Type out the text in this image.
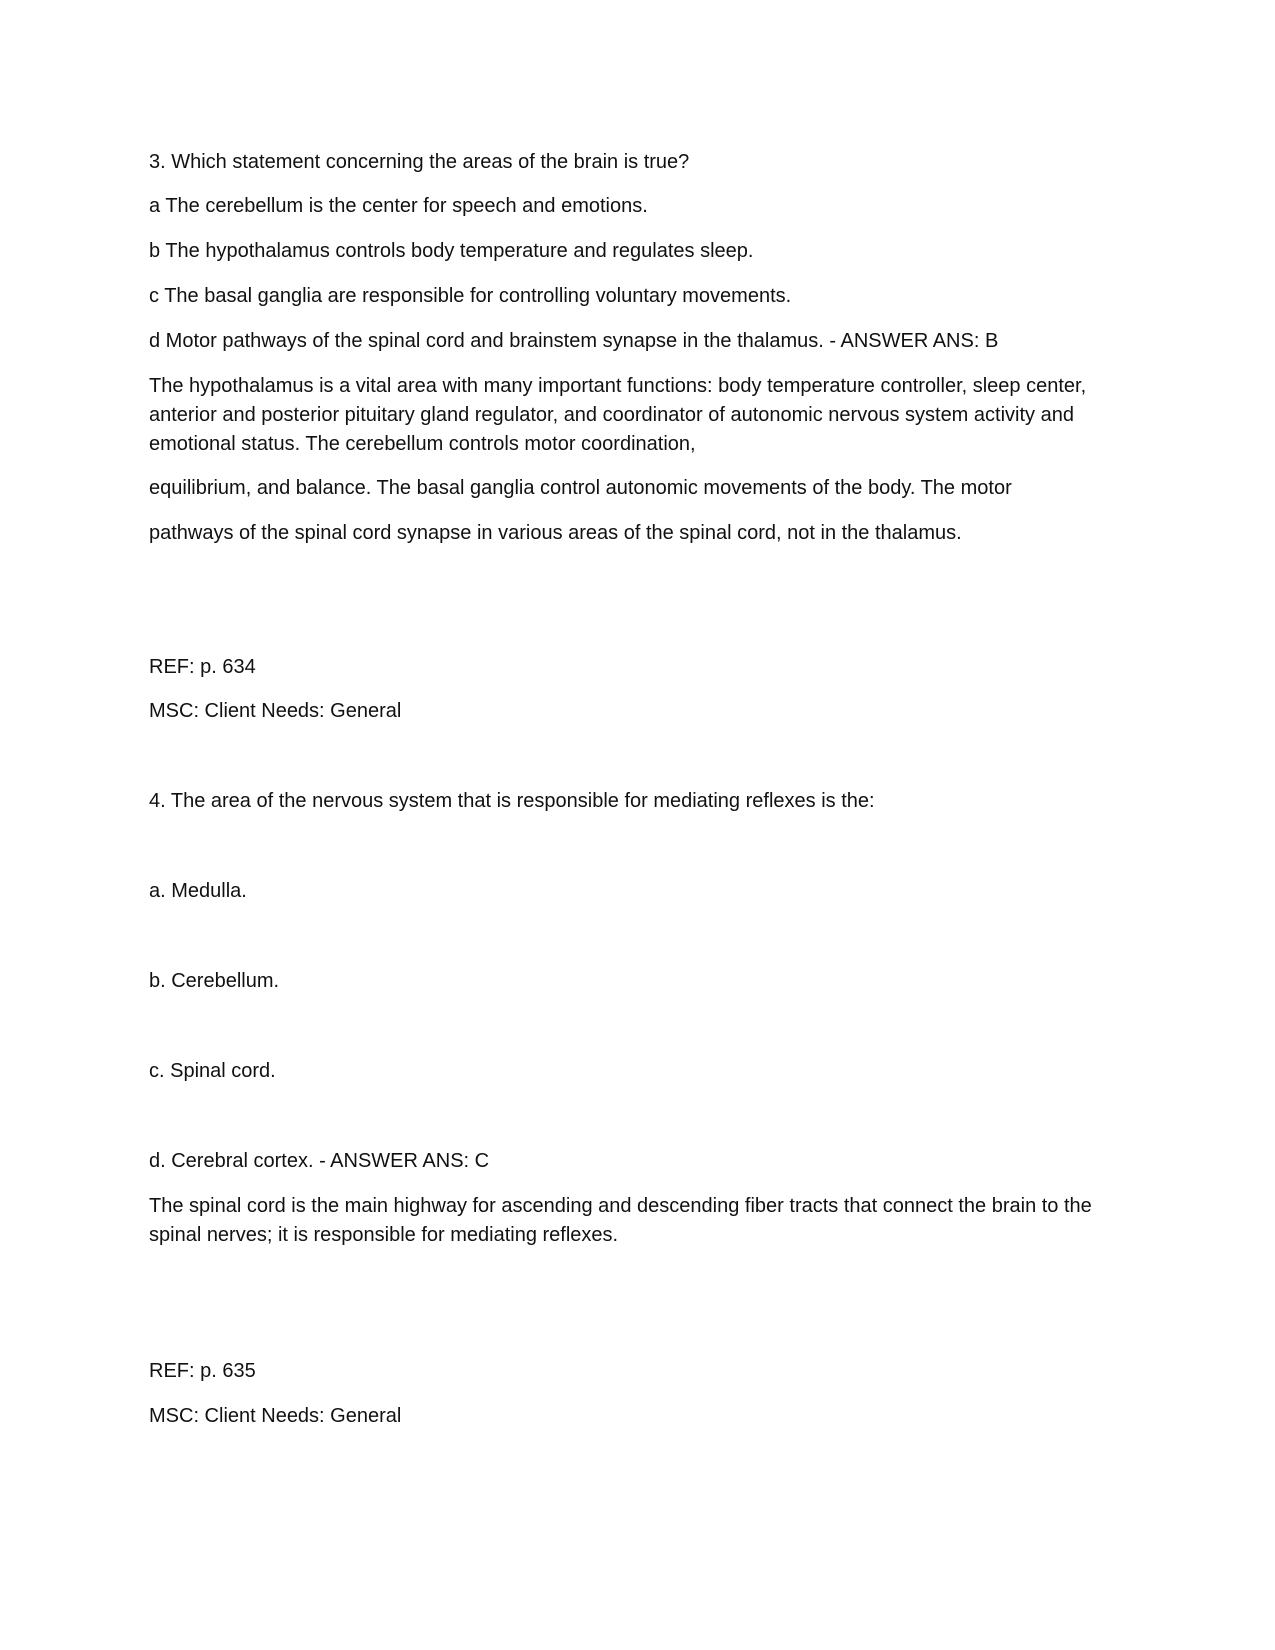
3. Which statement concerning the areas of the brain is true?

a The cerebellum is the center for speech and emotions.

b The hypothalamus controls body temperature and regulates sleep.

c The basal ganglia are responsible for controlling voluntary movements.

d Motor pathways of the spinal cord and brainstem synapse in the thalamus. - ANSWER ANS: B

The hypothalamus is a vital area with many important functions: body temperature controller, sleep center, anterior and posterior pituitary gland regulator, and coordinator of autonomic nervous system activity and emotional status. The cerebellum controls motor coordination,

equilibrium, and balance. The basal ganglia control autonomic movements of the body. The motor

pathways of the spinal cord synapse in various areas of the spinal cord, not in the thalamus.

REF: p. 634

MSC: Client Needs: General

4. The area of the nervous system that is responsible for mediating reflexes is the:

a. Medulla.

b. Cerebellum.

c. Spinal cord.

d. Cerebral cortex. - ANSWER ANS: C

The spinal cord is the main highway for ascending and descending fiber tracts that connect the brain to the spinal nerves; it is responsible for mediating reflexes.

REF: p. 635

MSC: Client Needs: General
